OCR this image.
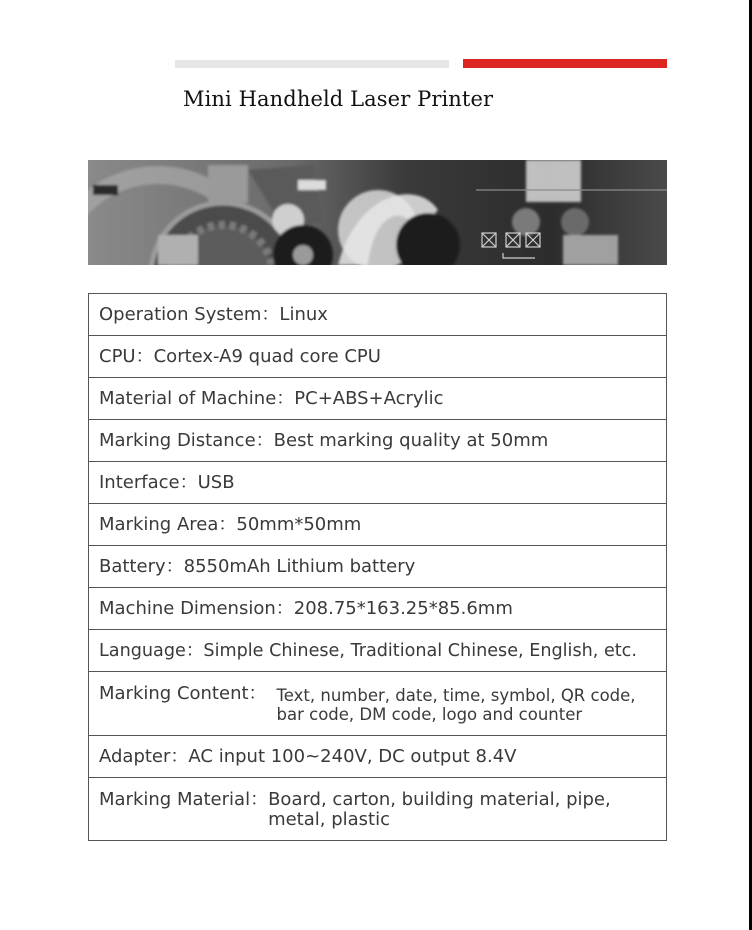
Mini Handheld Laser Printer
Operation System： Linux
CPU： Cortex-A9 quad core CPU
Material of Machine： PC+ABS+Acrylic
Marking Distance： Best marking quality at 50mm
Interface： USB
Marking Area： 50mm*50mm
Battery： 8550mAh Lithium battery
Machine Dimension： 208.75*163.25*85.6mm
Language： Simple Chinese, Traditional Chinese, English, etc.
Marking Content： Text, number, date, time, symbol, QR code,
bar code, DM code, logo and counter
Adapter： AC input 100~240V, DC output 8.4V
Marking Material： Board, carton, building material, pipe,
metal, plastic
